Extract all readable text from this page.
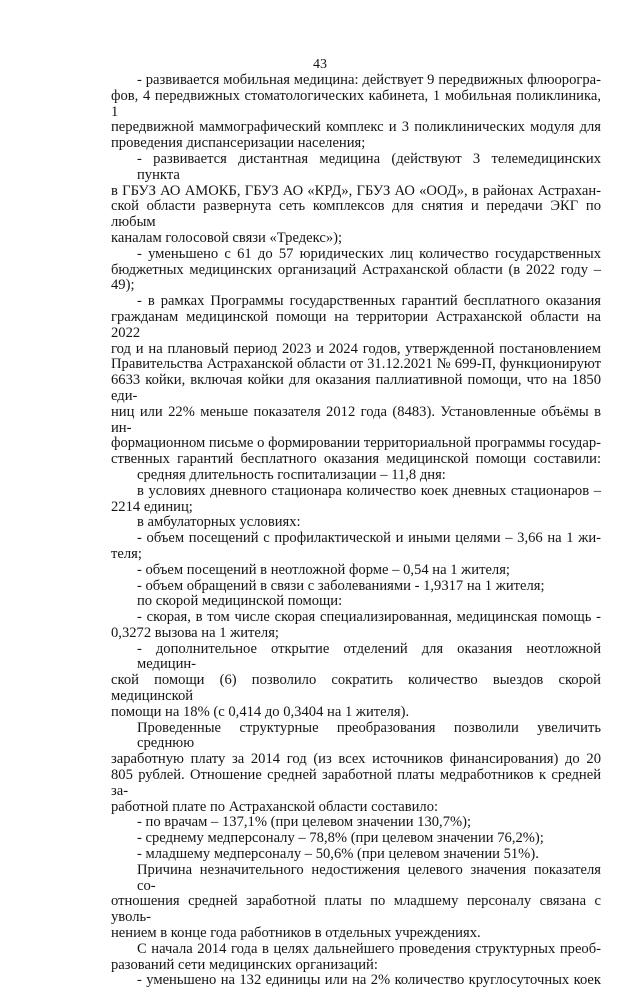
43
- развивается мобильная медицина: действует 9 передвижных флюорогра-
фов, 4 передвижных стоматологических кабинета, 1 мобильная поликлиника, 1
передвижной маммографический комплекс и 3 поликлинических модуля для
проведения диспансеризации населения;
- развивается дистантная медицина (действуют 3 телемедицинских пункта
в ГБУЗ АО АМОКБ, ГБУЗ АО «КРД», ГБУЗ АО «ООД», в районах Астрахан-
ской области развернута сеть комплексов для снятия и передачи ЭКГ по любым
каналам голосовой связи «Тредекс»);
- уменьшено с 61 до 57 юридических лиц количество государственных
бюджетных медицинских организаций Астраханской области (в 2022 году – 49);
- в рамках Программы государственных гарантий бесплатного оказания
гражданам медицинской помощи на территории Астраханской области на 2022
год и на плановый период 2023 и 2024 годов, утвержденной постановлением
Правительства Астраханской области от 31.12.2021 № 699-П, функционируют
6633 койки, включая койки для оказания паллиативной помощи, что на 1850 еди-
ниц или 22% меньше показателя 2012 года (8483). Установленные объёмы в ин-
формационном письме о формировании территориальной программы государ-
ственных гарантий бесплатного оказания медицинской помощи составили:
средняя длительность госпитализации – 11,8 дня:
в условиях дневного стационара количество коек дневных стационаров –
2214 единиц;
в амбулаторных условиях:
- объем посещений с профилактической и иными целями – 3,66 на 1 жи-
теля;
- объем посещений в неотложной форме – 0,54 на 1 жителя;
- объем обращений в связи с заболеваниями - 1,9317 на 1 жителя;
по скорой медицинской помощи:
- скорая, в том числе скорая специализированная, медицинская помощь -
0,3272 вызова на 1 жителя;
- дополнительное открытие отделений для оказания неотложной медицин-
ской помощи (6) позволило сократить количество выездов скорой медицинской
помощи на 18% (с 0,414 до 0,3404 на 1 жителя).
Проведенные структурные преобразования позволили увеличить среднюю
заработную плату за 2014 год (из всех источников финансирования) до 20
805 рублей. Отношение средней заработной платы медработников к средней за-
работной плате по Астраханской области составило:
- по врачам – 137,1% (при целевом значении 130,7%);
- среднему медперсоналу – 78,8% (при целевом значении 76,2%);
- младшему медперсоналу – 50,6% (при целевом значении 51%).
Причина незначительного недостижения целевого значения показателя со-
отношения средней заработной платы по младшему персоналу связана с уволь-
нением в конце года работников в отдельных учреждениях.
С начала 2014 года в целях дальнейшего проведения структурных преоб-
разований сети медицинских организаций:
- уменьшено на 132 единицы или на 2% количество круглосуточных коек
